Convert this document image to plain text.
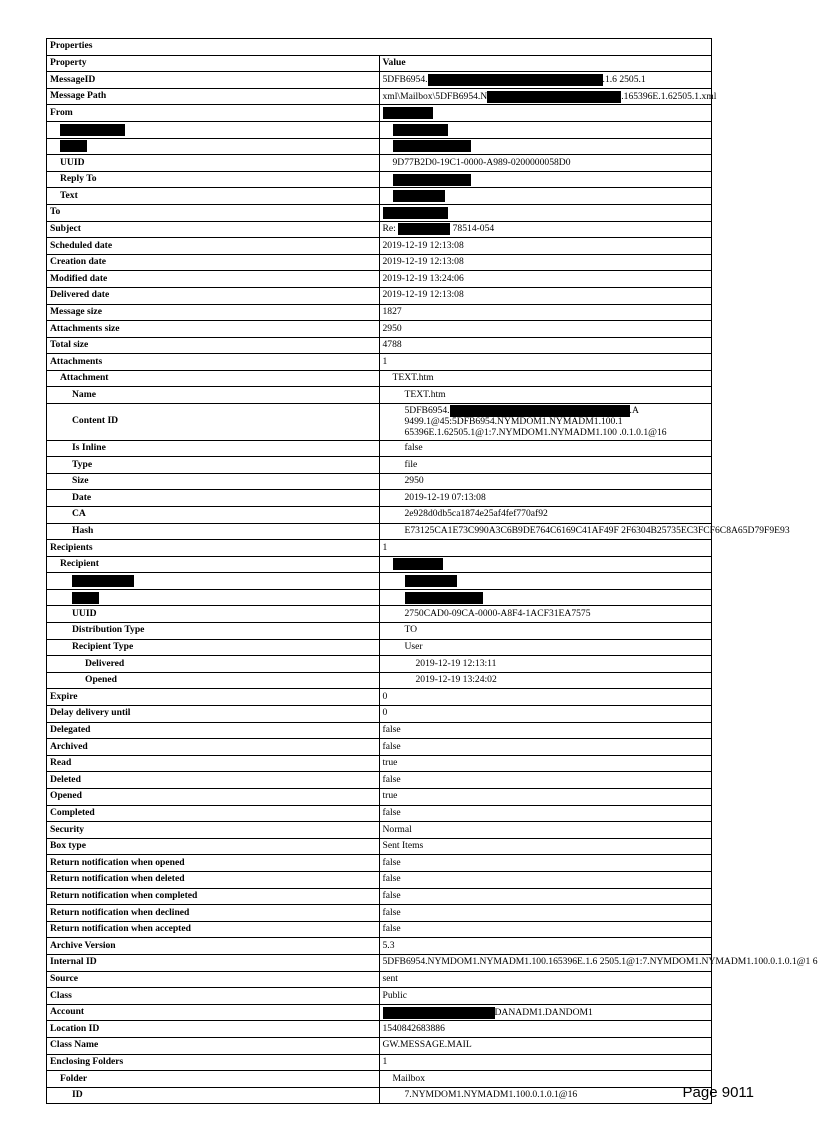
Properties	
Property	Value
MessageID	5DFB6954. .1.6 2505.1
Message Path	xml\Mailbox\5DFB6954.N .165396E.1.62505.1.xml
From	

UUID	9D77B2D0-19C1-0000-A989-0200000058D0
Reply To	
Text	
To	
Subject	Re: 78514-054
Scheduled date	2019-12-19 12:13:08
Creation date	2019-12-19 12:13:08
Modified date	2019-12-19 13:24:06
Delivered date	2019-12-19 12:13:08
Message size	1827
Attachments size	2950
Total size	4788
Attachments	1
Attachment	TEXT.htm
Name	TEXT.htm
Content ID	5DFB6954. .A
9499.1@45:5DFB6954.NYMDOM1.NYMADM1.100.1
65396E.1.62505.1@1:7.NYMDOM1.NYMADM1.100 .0.1.0.1@16

Is Inline	false
Type	file
Size	2950
Date	2019-12-19 07:13:08
CA	2e928d0db5ca1874e25af4fef770af92
Hash	E73125CA1E73C990A3C6B9DE764C6169C41AF49F 2F6304B25735EC3FCF6C8A65D79F9E93
Recipients	1
Recipient	

UUID	2750CAD0-09CA-0000-A8F4-1ACF31EA7575
Distribution Type	TO
Recipient Type	User
Delivered	2019-12-19 12:13:11
Opened	2019-12-19 13:24:02
Expire	0
Delay delivery until	0
Delegated	false
Archived	false
Read	true
Deleted	false
Opened	true
Completed	false
Security	Normal
Box type	Sent Items
Return notification when opened	false
Return notification when deleted	false
Return notification when completed	false
Return notification when declined	false
Return notification when accepted	false
Archive Version	5.3
Internal ID	5DFB6954.NYMDOM1.NYMADM1.100.165396E.1.6 2505.1@1:7.NYMDOM1.NYMADM1.100.0.1.0.1@1 6
Source	sent
Class	Public
Account	DANADM1.DANDOM1
Location ID	1540842683886
Class Name	GW.MESSAGE.MAIL
Enclosing Folders	1
Folder	Mailbox
ID	7.NYMDOM1.NYMADM1.100.0.1.0.1@16	Page 9011
